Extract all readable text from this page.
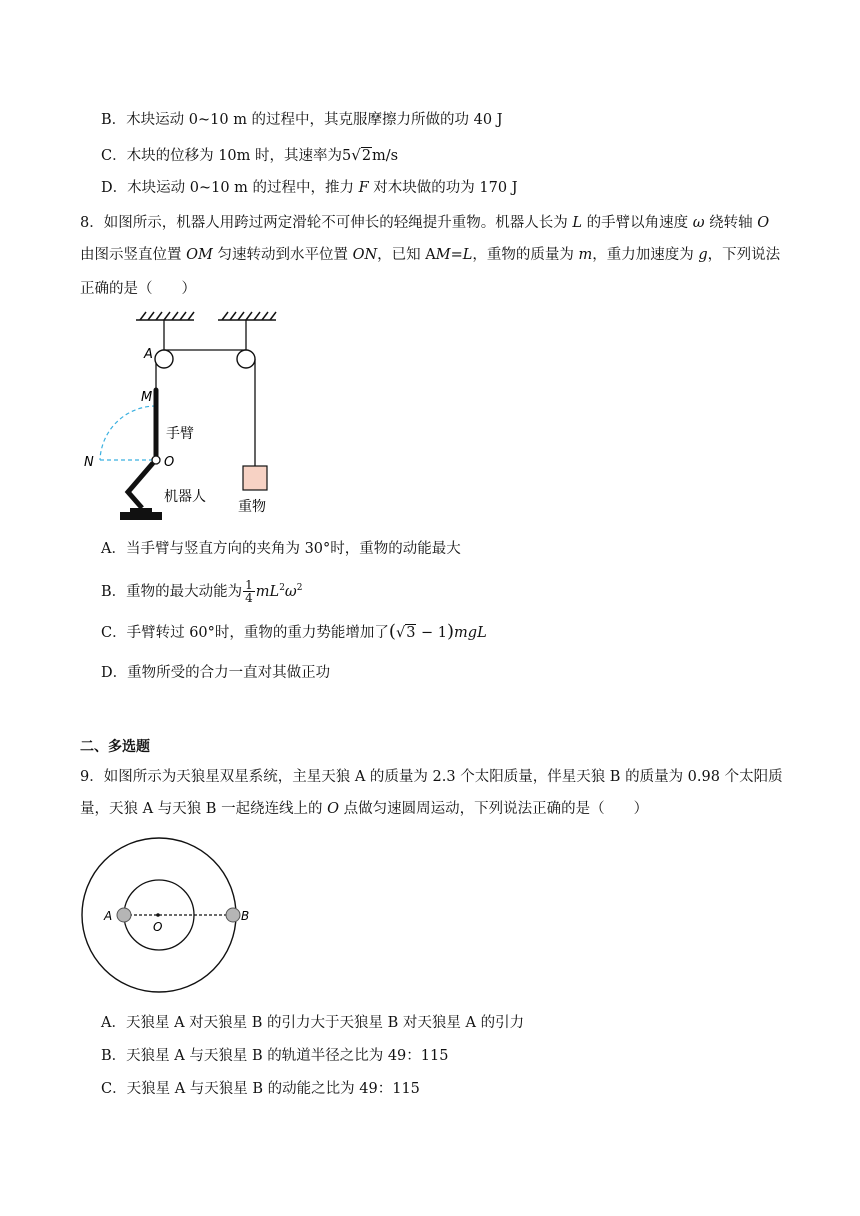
B．木块运动 0~10 m 的过程中，其克服摩擦力所做的功 40 J
C．木块的位移为 10m 时，其速率为5√2m/s
D．木块运动 0~10 m 的过程中，推力 F 对木块做的功为 170 J
8．如图所示，机器人用跨过两定滑轮不可伸长的轻绳提升重物。机器人长为 L 的手臂以角速度 ω 绕转轴 O
由图示竖直位置 OM 匀速转动到水平位置 ON，已知 AM=L，重物的质量为 m，重力加速度为 g，下列说法
正确的是（　　）
A
M
N	O
手臂
机器人
重物
A．当手臂与竖直方向的夹角为 30°时，重物的动能最大
B．重物的最大动能为 $\frac{1}{4} mL^2\omega^2$
C．手臂转过 60°时，重物的重力势能增加了(√3 − 1)mgL
D．重物所受的合力一直对其做正功
二、多选题
9．如图所示为天狼星双星系统，主星天狼 A 的质量为 2.3 个太阳质量，伴星天狼 B 的质量为 0.98 个太阳质
量，天狼 A 与天狼 B 一起绕连线上的 O 点做匀速圆周运动，下列说法正确的是（　　）
A	B
O
A．天狼星 A 对天狼星 B 的引力大于天狼星 B 对天狼星 A 的引力
B．天狼星 A 与天狼星 B 的轨道半径之比为 49：115
C．天狼星 A 与天狼星 B 的动能之比为 49：115
